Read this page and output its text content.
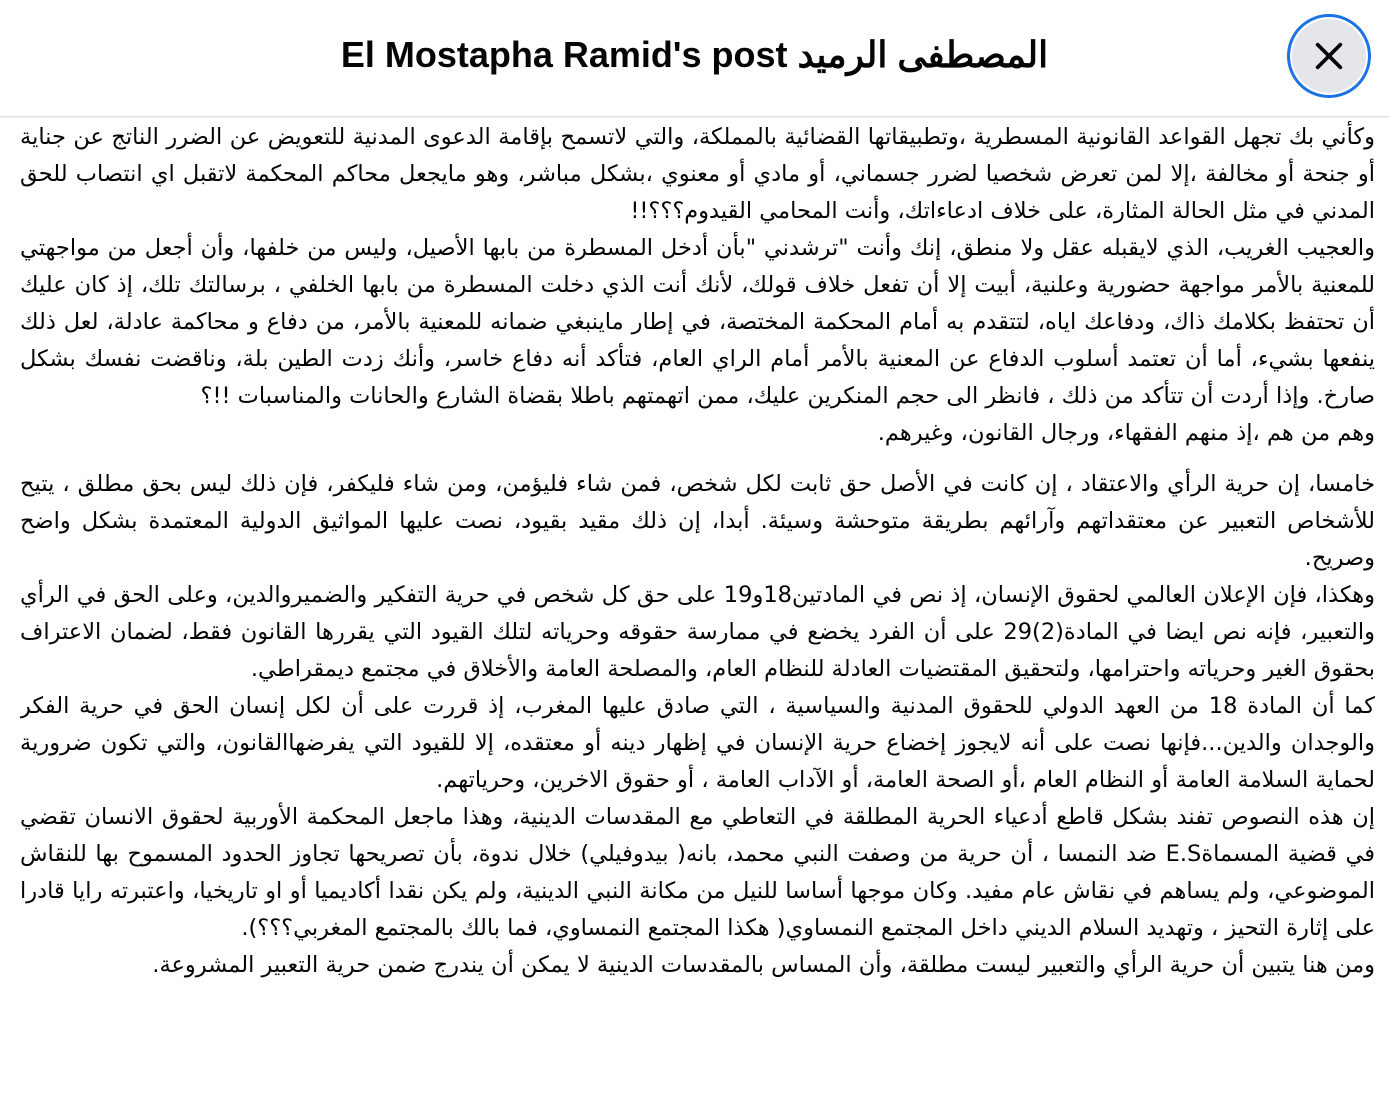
El Mostapha Ramid's post المصطفى الرميد

وكأني بك تجهل القواعد القانونية المسطرية ،وتطبيقاتها القضائية بالمملكة، والتي لاتسمح بإقامة الدعوى المدنية للتعويض عن الضرر الناتج عن جناية أو جنحة أو مخالفة ،إلا لمن تعرض شخصيا لضرر جسماني، أو مادي أو معنوي ،بشكل مباشر، وهو مايجعل محاكم المحكمة لاتقبل اي انتصاب للحق المدني في مثل الحالة المثارة، على خلاف ادعاءاتك، وأنت المحامي القيدوم؟؟؟!!

والعجيب الغريب، الذي لايقبله عقل ولا منطق، إنك وأنت "ترشدني "بأن أدخل المسطرة من بابها الأصيل، وليس من خلفها، وأن أجعل من مواجهتي للمعنية بالأمر مواجهة حضورية وعلنية، أبيت إلا أن تفعل خلاف قولك، لأنك أنت الذي دخلت المسطرة من بابها الخلفي ، برسالتك تلك، إذ كان عليك أن تحتفظ بكلامك ذاك، ودفاعك اياه، لتتقدم به أمام المحكمة المختصة، في إطار ماينبغي ضمانه للمعنية بالأمر، من دفاع و محاكمة عادلة، لعل ذلك ينفعها بشيء، أما أن تعتمد أسلوب الدفاع عن المعنية بالأمر أمام الراي العام، فتأكد أنه دفاع خاسر، وأنك زدت الطين بلة، وناقضت نفسك بشكل صارخ. وإذا أردت أن تتأكد من ذلك ، فانظر الى حجم المنكرين عليك، ممن اتهمتهم باطلا بقضاة الشارع والحانات والمناسبات !!؟

وهم من هم ،إذ منهم الفقهاء، ورجال القانون، وغيرهم.

خامسا، إن حرية الرأي والاعتقاد ، إن كانت في الأصل حق ثابت لكل شخص، فمن شاء فليؤمن، ومن شاء فليكفر، فإن ذلك ليس بحق مطلق ، يتيح للأشخاص التعبير عن معتقداتهم وآرائهم بطريقة متوحشة وسيئة. أبدا، إن ذلك مقيد بقيود، نصت عليها المواثيق الدولية المعتمدة بشكل واضح وصريح.

وهكذا، فإن الإعلان العالمي لحقوق الإنسان، إذ نص في المادتين18و19 على حق كل شخص في حرية التفكير والضميروالدين، وعلى الحق في الرأي والتعبير، فإنه نص ايضا في المادة(2)29 على أن الفرد يخضع في ممارسة حقوقه وحرياته لتلك القيود التي يقررها القانون فقط، لضمان الاعتراف بحقوق الغير وحرياته واحترامها، ولتحقيق المقتضيات العادلة للنظام العام، والمصلحة العامة والأخلاق في مجتمع ديمقراطي.

كما أن المادة 18 من العهد الدولي للحقوق المدنية والسياسية ، التي صادق عليها المغرب، إذ قررت على أن لكل إنسان الحق في حرية الفكر والوجدان والدين...فإنها نصت على أنه لايجوز إخضاع حرية الإنسان في إظهار دينه أو معتقده، إلا للقيود التي يفرضهاالقانون، والتي تكون ضرورية لحماية السلامة العامة أو النظام العام ،أو الصحة العامة، أو الآداب العامة ، أو حقوق الاخرين، وحرياتهم.

إن هذه النصوص تفند بشكل قاطع أدعياء الحرية المطلقة في التعاطي مع المقدسات الدينية، وهذا ماجعل المحكمة الأوربية لحقوق الانسان تقضي في قضية المسماةE.S ضد النمسا ، أن حرية من وصفت النبي محمد، بانه( بيدوفيلي) خلال ندوة، بأن تصريحها تجاوز الحدود المسموح بها للنقاش الموضوعي، ولم يساهم في نقاش عام مفيد. وكان موجها أساسا للنيل من مكانة النبي الدينية، ولم يكن نقدا أكاديميا أو او تاريخيا، واعتبرته رايا قادرا على إثارة التحيز ، وتهديد السلام الديني داخل المجتمع النمساوي( هكذا المجتمع النمساوي، فما بالك بالمجتمع المغربي؟؟؟).

ومن هنا يتبين أن حرية الرأي والتعبير ليست مطلقة، وأن المساس بالمقدسات الدينية لا يمكن أن يندرج ضمن حرية التعبير المشروعة.
